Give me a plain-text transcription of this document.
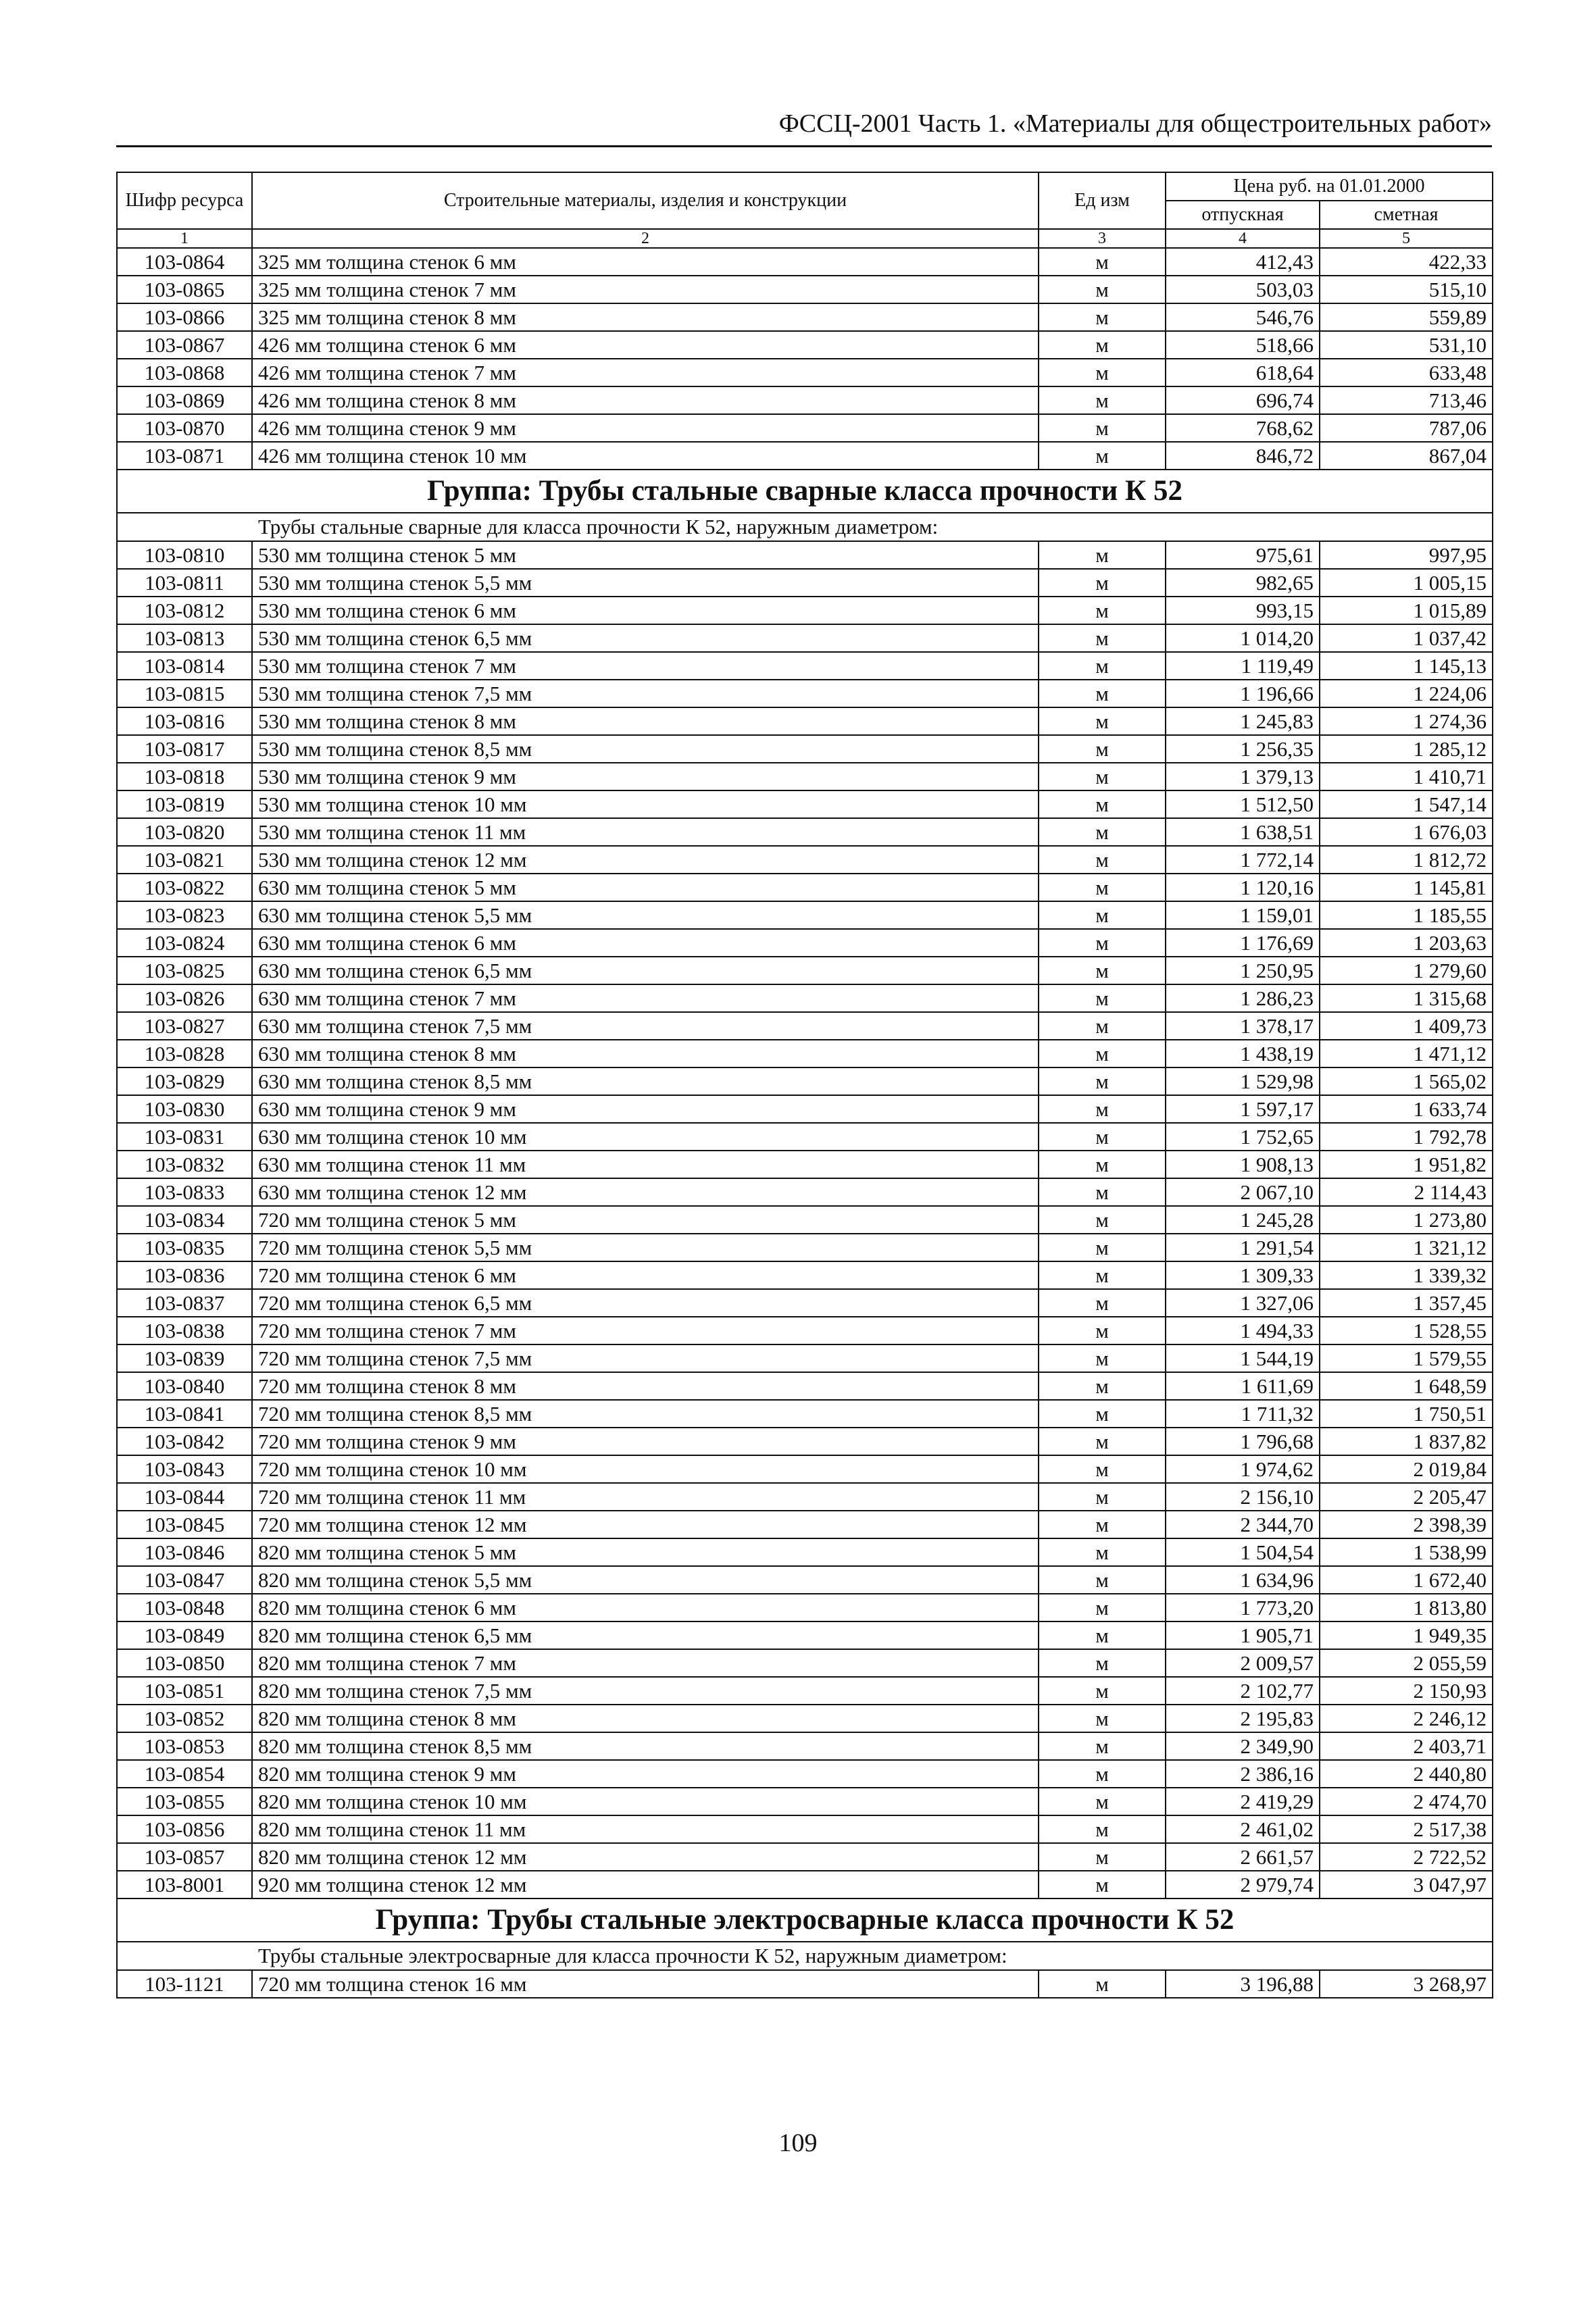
ФССЦ-2001 Часть 1. «Материалы для общестроительных работ»
Шифр ресурса	Строительные материалы, изделия и конструкции	Ед изм	Цена руб. на 01.01.2000	
			отпускная	сметная
1	2	3	4	5
103-0864	325 мм толщина стенок 6 мм	м	412,43	422,33
103-0865	325 мм толщина стенок 7 мм	м	503,03	515,10
103-0866	325 мм толщина стенок 8 мм	м	546,76	559,89
103-0867	426 мм толщина стенок 6 мм	м	518,66	531,10
103-0868	426 мм толщина стенок 7 мм	м	618,64	633,48
103-0869	426 мм толщина стенок 8 мм	м	696,74	713,46
103-0870	426 мм толщина стенок 9 мм	м	768,62	787,06
103-0871	426 мм толщина стенок 10 мм	м	846,72	867,04
Группа: Трубы стальные сварные класса прочности К 52				
Трубы стальные сварные для класса прочности К 52, наружным диаметром:				
103-0810	530 мм толщина стенок 5 мм	м	975,61	997,95
103-0811	530 мм толщина стенок 5,5 мм	м	982,65	1 005,15
103-0812	530 мм толщина стенок 6 мм	м	993,15	1 015,89
103-0813	530 мм толщина стенок 6,5 мм	м	1 014,20	1 037,42
103-0814	530 мм толщина стенок 7 мм	м	1 119,49	1 145,13
103-0815	530 мм толщина стенок 7,5 мм	м	1 196,66	1 224,06
103-0816	530 мм толщина стенок 8 мм	м	1 245,83	1 274,36
103-0817	530 мм толщина стенок 8,5 мм	м	1 256,35	1 285,12
103-0818	530 мм толщина стенок 9 мм	м	1 379,13	1 410,71
103-0819	530 мм толщина стенок 10 мм	м	1 512,50	1 547,14
103-0820	530 мм толщина стенок 11 мм	м	1 638,51	1 676,03
103-0821	530 мм толщина стенок 12 мм	м	1 772,14	1 812,72
103-0822	630 мм толщина стенок 5 мм	м	1 120,16	1 145,81
103-0823	630 мм толщина стенок 5,5 мм	м	1 159,01	1 185,55
103-0824	630 мм толщина стенок 6 мм	м	1 176,69	1 203,63
103-0825	630 мм толщина стенок 6,5 мм	м	1 250,95	1 279,60
103-0826	630 мм толщина стенок 7 мм	м	1 286,23	1 315,68
103-0827	630 мм толщина стенок 7,5 мм	м	1 378,17	1 409,73
103-0828	630 мм толщина стенок 8 мм	м	1 438,19	1 471,12
103-0829	630 мм толщина стенок 8,5 мм	м	1 529,98	1 565,02
103-0830	630 мм толщина стенок 9 мм	м	1 597,17	1 633,74
103-0831	630 мм толщина стенок 10 мм	м	1 752,65	1 792,78
103-0832	630 мм толщина стенок 11 мм	м	1 908,13	1 951,82
103-0833	630 мм толщина стенок 12 мм	м	2 067,10	2 114,43
103-0834	720 мм толщина стенок 5 мм	м	1 245,28	1 273,80
103-0835	720 мм толщина стенок 5,5 мм	м	1 291,54	1 321,12
103-0836	720 мм толщина стенок 6 мм	м	1 309,33	1 339,32
103-0837	720 мм толщина стенок 6,5 мм	м	1 327,06	1 357,45
103-0838	720 мм толщина стенок 7 мм	м	1 494,33	1 528,55
103-0839	720 мм толщина стенок 7,5 мм	м	1 544,19	1 579,55
103-0840	720 мм толщина стенок 8 мм	м	1 611,69	1 648,59
103-0841	720 мм толщина стенок 8,5 мм	м	1 711,32	1 750,51
103-0842	720 мм толщина стенок 9 мм	м	1 796,68	1 837,82
103-0843	720 мм толщина стенок 10 мм	м	1 974,62	2 019,84
103-0844	720 мм толщина стенок 11 мм	м	2 156,10	2 205,47
103-0845	720 мм толщина стенок 12 мм	м	2 344,70	2 398,39
103-0846	820 мм толщина стенок 5 мм	м	1 504,54	1 538,99
103-0847	820 мм толщина стенок 5,5 мм	м	1 634,96	1 672,40
103-0848	820 мм толщина стенок 6 мм	м	1 773,20	1 813,80
103-0849	820 мм толщина стенок 6,5 мм	м	1 905,71	1 949,35
103-0850	820 мм толщина стенок 7 мм	м	2 009,57	2 055,59
103-0851	820 мм толщина стенок 7,5 мм	м	2 102,77	2 150,93
103-0852	820 мм толщина стенок 8 мм	м	2 195,83	2 246,12
103-0853	820 мм толщина стенок 8,5 мм	м	2 349,90	2 403,71
103-0854	820 мм толщина стенок 9 мм	м	2 386,16	2 440,80
103-0855	820 мм толщина стенок 10 мм	м	2 419,29	2 474,70
103-0856	820 мм толщина стенок 11 мм	м	2 461,02	2 517,38
103-0857	820 мм толщина стенок 12 мм	м	2 661,57	2 722,52
103-8001	920 мм толщина стенок 12 мм	м	2 979,74	3 047,97
Группа: Трубы стальные электросварные класса прочности К 52				
Трубы стальные электросварные для класса прочности К 52, наружным диаметром:				
103-1121	720 мм толщина стенок 16 мм	м	3 196,88	3 268,97
109
